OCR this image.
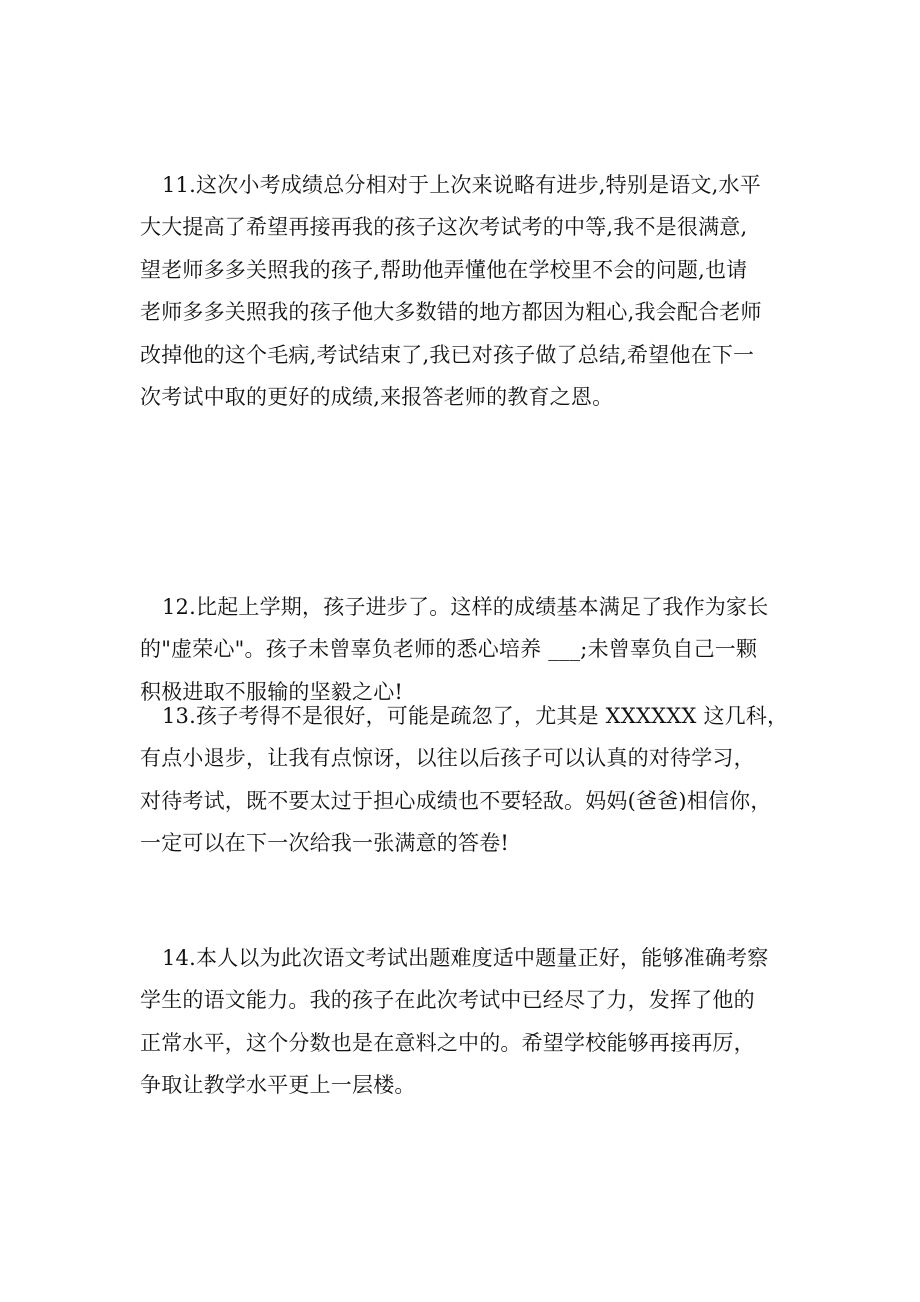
11.这次小考成绩总分相对于上次来说略有进步,特别是语文,水平
大大提高了希望再接再我的孩子这次考试考的中等,我不是很满意,
望老师多多关照我的孩子,帮助他弄懂他在学校里不会的问题,也请
老师多多关照我的孩子他大多数错的地方都因为粗心,我会配合老师
改掉他的这个毛病,考试结束了,我已对孩子做了总结,希望他在下一
次考试中取的更好的成绩,来报答老师的教育之恩。
12.比起上学期，孩子进步了。这样的成绩基本满足了我作为家长
的"虚荣心"。孩子未曾辜负老师的悉心培养 ___;未曾辜负自己一颗
积极进取不服输的坚毅之心!
13.孩子考得不是很好，可能是疏忽了，尤其是 XXXXXX 这几科，
有点小退步，让我有点惊讶，以往以后孩子可以认真的对待学习，
对待考试，既不要太过于担心成绩也不要轻敌。妈妈(爸爸)相信你，
一定可以在下一次给我一张满意的答卷!
14.本人以为此次语文考试出题难度适中题量正好，能够准确考察
学生的语文能力。我的孩子在此次考试中已经尽了力，发挥了他的
正常水平，这个分数也是在意料之中的。希望学校能够再接再厉，
争取让教学水平更上一层楼。
